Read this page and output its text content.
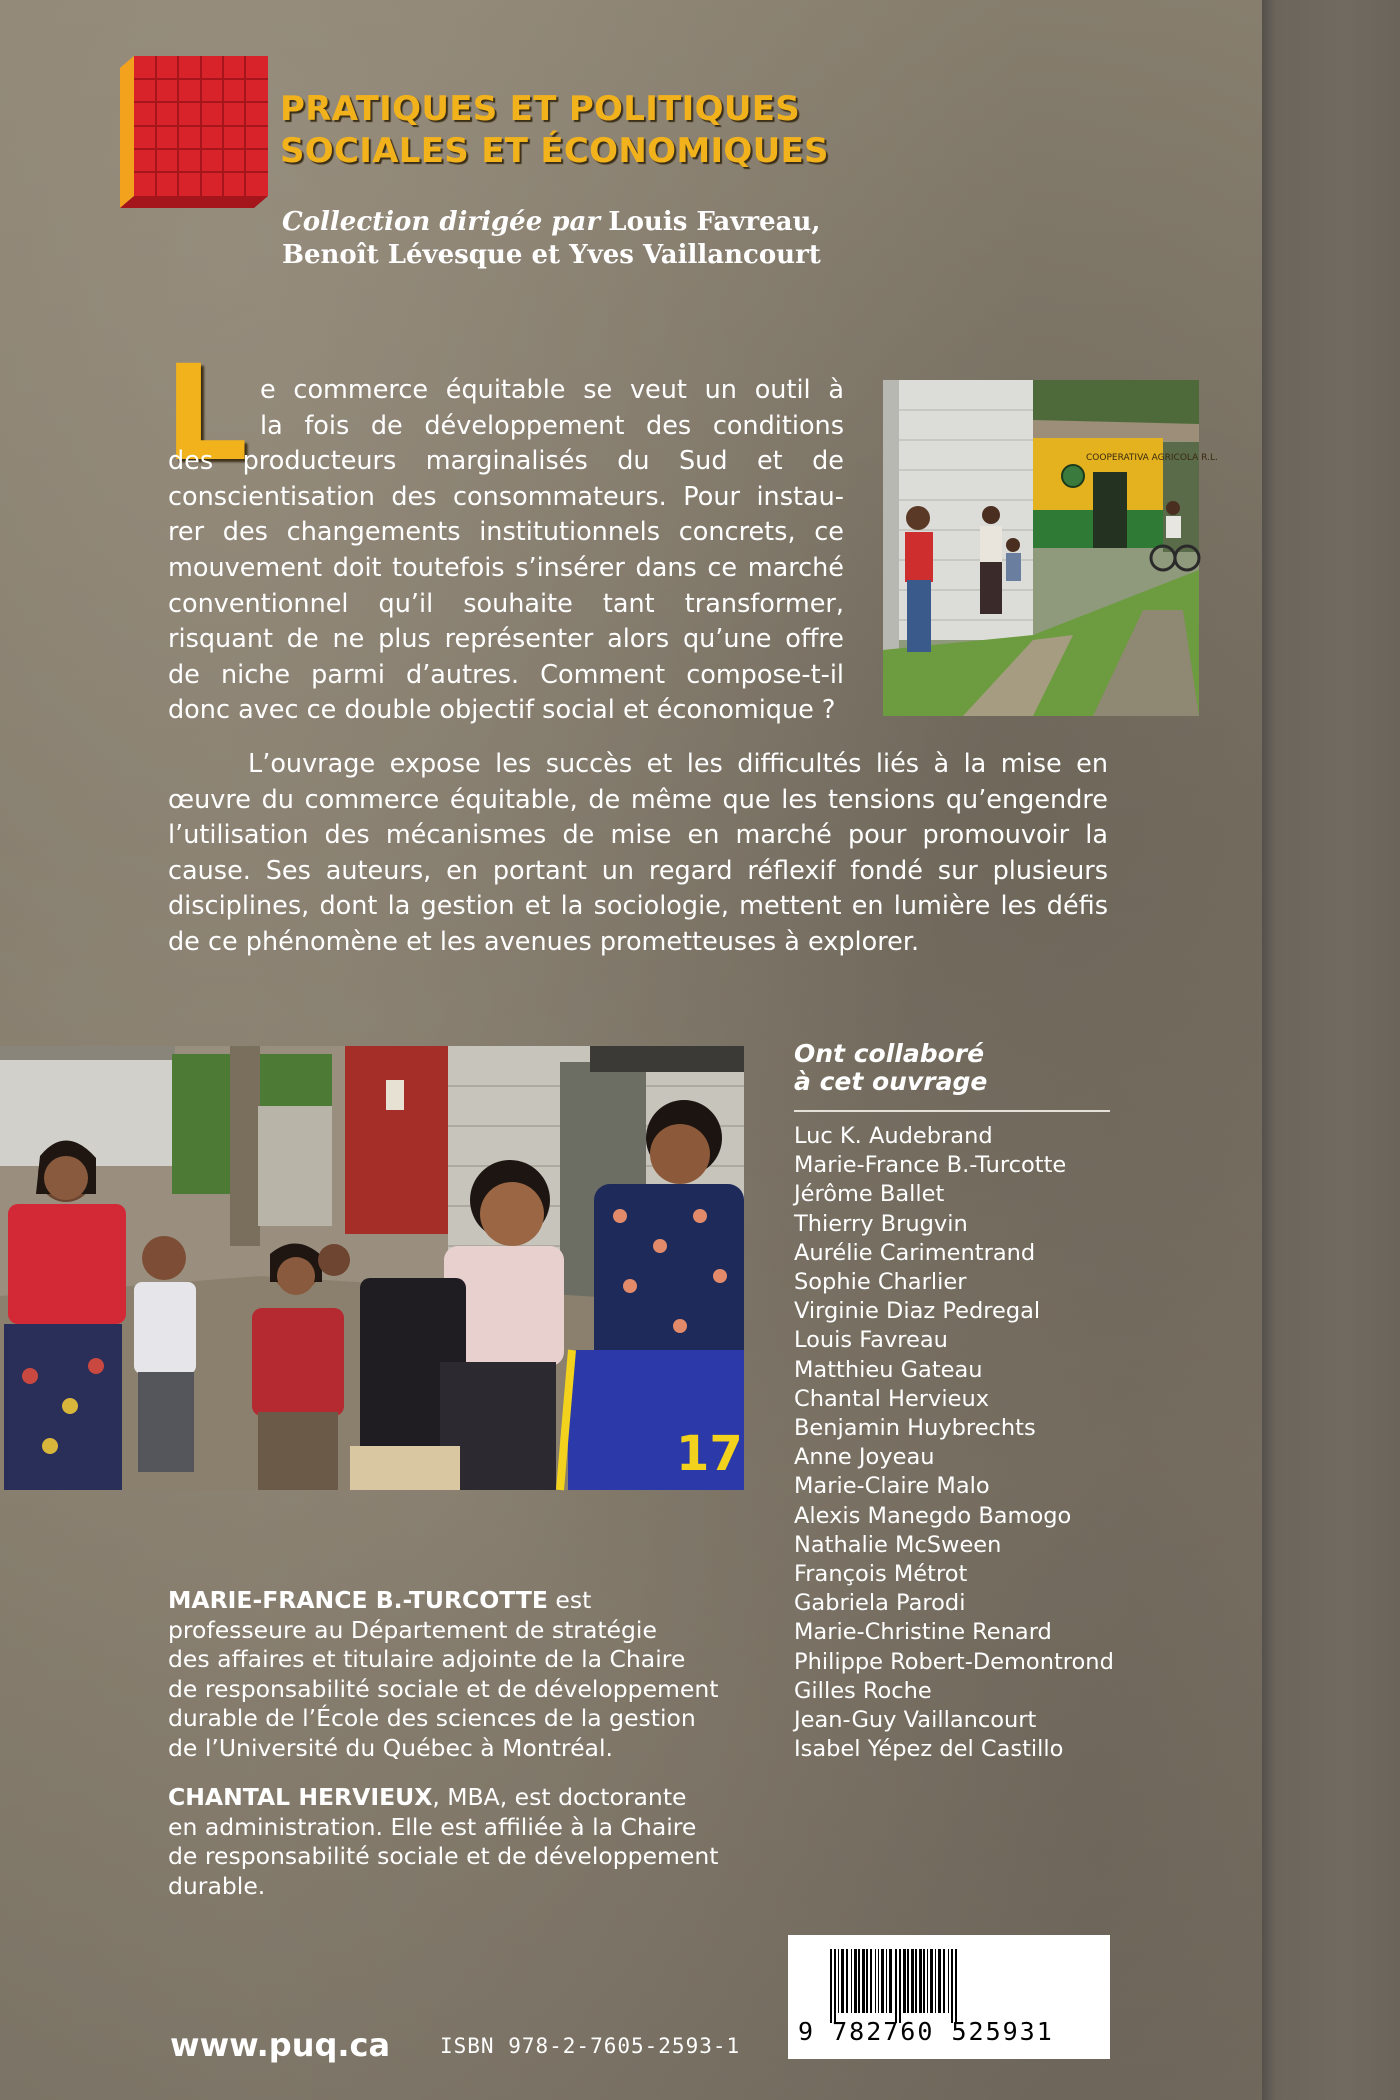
PRATIQUES ET POLITIQUES
SOCIALES ET ÉCONOMIQUES

Collection dirigée par Louis Favreau,
Benoît Lévesque et Yves Vaillancourt

L e commerce équitable se veut un outil à
la fois de développement des conditions
des producteurs marginalisés du Sud et de
conscientisation des consommateurs. Pour instau-
rer des changements institutionnels concrets, ce
mouvement doit toutefois s’insérer dans ce marché
conventionnel qu’il souhaite tant transformer,
risquant de ne plus représenter alors qu’une offre
de niche parmi d’autres. Comment compose-t-il
donc avec ce double objectif social et économique ?
L’ouvrage expose les succès et les difficultés liés à la mise en
œuvre du commerce équitable, de même que les tensions qu’engendre
l’utilisation des mécanismes de mise en marché pour promouvoir la
cause. Ses auteurs, en portant un regard réflexif fondé sur plusieurs
disciplines, dont la gestion et la sociologie, mettent en lumière les défis
de ce phénomène et les avenues prometteuses à explorer.
COOPERATIVA AGRICOLA R.L.
17
Ont collaboré
à cet ouvrage
Luc K. Audebrand
Marie-France B.-Turcotte
Jérôme Ballet
Thierry Brugvin
Aurélie Carimentrand
Sophie Charlier
Virginie Diaz Pedregal
Louis Favreau
Matthieu Gateau
Chantal Hervieux
Benjamin Huybrechts
Anne Joyeau
Marie-Claire Malo
Alexis Manegdo Bamogo
Nathalie McSween
François Métrot
Gabriela Parodi
Marie-Christine Renard
Philippe Robert-Demontrond
Gilles Roche
Jean-Guy Vaillancourt
Isabel Yépez del Castillo

MARIE-FRANCE B.-TURCOTTE est
professeure au Département de stratégie
des affaires et titulaire adjointe de la Chaire
de responsabilité sociale et de développement
durable de l’École des sciences de la gestion
de l’Université du Québec à Montréal.

CHANTAL HERVIEUX, MBA, est doctorante
en administration. Elle est affiliée à la Chaire
de responsabilité sociale et de développement
durable.

www.puq.ca ISBN 978-2-7605-2593-1 9 782760 525931
